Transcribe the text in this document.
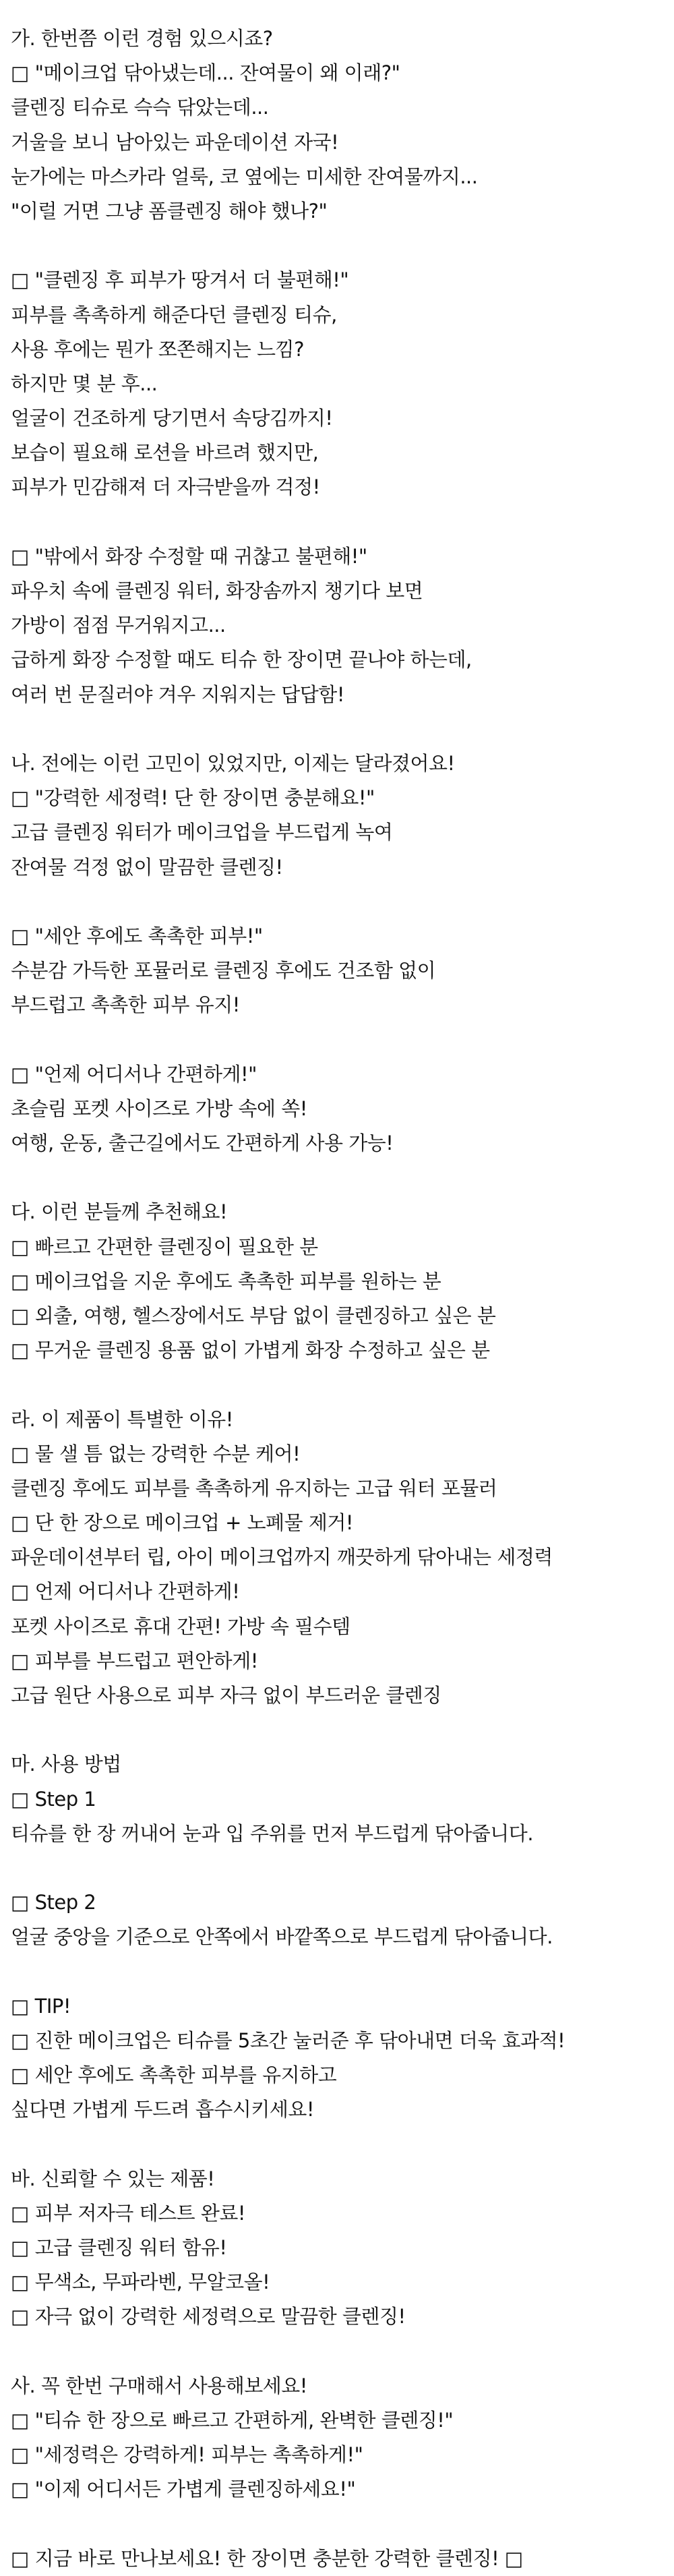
가. 한번쯤 이런 경험 있으시죠?
□ "메이크업 닦아냈는데... 잔여물이 왜 이래?"
클렌징 티슈로 슥슥 닦았는데...
거울을 보니 남아있는 파운데이션 자국!
눈가에는 마스카라 얼룩, 코 옆에는 미세한 잔여물까지...
"이럴 거면 그냥 폼클렌징 해야 했나?"
□ "클렌징 후 피부가 땅겨서 더 불편해!"
피부를 촉촉하게 해준다던 클렌징 티슈,
사용 후에는 뭔가 쪼쫀해지는 느낌?
하지만 몇 분 후...
얼굴이 건조하게 당기면서 속당김까지!
보습이 필요해 로션을 바르려 했지만,
피부가 민감해져 더 자극받을까 걱정!
□ "밖에서 화장 수정할 때 귀찮고 불편해!"
파우치 속에 클렌징 워터, 화장솜까지 챙기다 보면
가방이 점점 무거워지고...
급하게 화장 수정할 때도 티슈 한 장이면 끝나야 하는데,
여러 번 문질러야 겨우 지워지는 답답함!
나. 전에는 이런 고민이 있었지만, 이제는 달라졌어요!
□ "강력한 세정력! 단 한 장이면 충분해요!"
고급 클렌징 워터가 메이크업을 부드럽게 녹여
잔여물 걱정 없이 말끔한 클렌징!
□ "세안 후에도 촉촉한 피부!"
수분감 가득한 포뮬러로 클렌징 후에도 건조함 없이
부드럽고 촉촉한 피부 유지!
□ "언제 어디서나 간편하게!"
초슬림 포켓 사이즈로 가방 속에 쏙!
여행, 운동, 출근길에서도 간편하게 사용 가능!
다. 이런 분들께 추천해요!
□ 빠르고 간편한 클렌징이 필요한 분
□ 메이크업을 지운 후에도 촉촉한 피부를 원하는 분
□ 외출, 여행, 헬스장에서도 부담 없이 클렌징하고 싶은 분
□ 무거운 클렌징 용품 없이 가볍게 화장 수정하고 싶은 분
라. 이 제품이 특별한 이유!
□ 물 샐 틈 없는 강력한 수분 케어!
클렌징 후에도 피부를 촉촉하게 유지하는 고급 워터 포뮬러
□ 단 한 장으로 메이크업 + 노폐물 제거!
파운데이션부터 립, 아이 메이크업까지 깨끗하게 닦아내는 세정력
□ 언제 어디서나 간편하게!
포켓 사이즈로 휴대 간편! 가방 속 필수템
□ 피부를 부드럽고 편안하게!
고급 원단 사용으로 피부 자극 없이 부드러운 클렌징
마. 사용 방법
□ Step 1
티슈를 한 장 꺼내어 눈과 입 주위를 먼저 부드럽게 닦아줍니다.
□ Step 2
얼굴 중앙을 기준으로 안쪽에서 바깥쪽으로 부드럽게 닦아줍니다.
□ TIP!
□ 진한 메이크업은 티슈를 5초간 눌러준 후 닦아내면 더욱 효과적!
□ 세안 후에도 촉촉한 피부를 유지하고
싶다면 가볍게 두드려 흡수시키세요!
바. 신뢰할 수 있는 제품!
□ 피부 저자극 테스트 완료!
□ 고급 클렌징 워터 함유!
□ 무색소, 무파라벤, 무알코올!
□ 자극 없이 강력한 세정력으로 말끔한 클렌징!
사. 꼭 한번 구매해서 사용해보세요!
□ "티슈 한 장으로 빠르고 간편하게, 완벽한 클렌징!"
□ "세정력은 강력하게! 피부는 촉촉하게!"
□ "이제 어디서든 가볍게 클렌징하세요!"
□ 지금 바로 만나보세요! 한 장이면 충분한 강력한 클렌징! □
